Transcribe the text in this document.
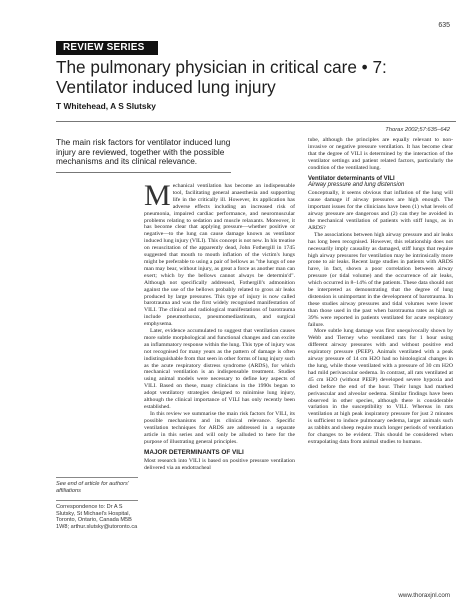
635
REVIEW SERIES
The pulmonary physician in critical care • 7: Ventilator induced lung injury
T Whitehead, A S Slutsky
Thorax 2002;57:635–642
The main risk factors for ventilator induced lung injury are reviewed, together with the possible mechanisms and its clinical relevance.

Mechanical ventilation has become an indispensable tool, facilitating general anaesthesia and supporting life in the critically ill. However, its application has adverse effects including an increased risk of pneumonia, impaired cardiac performance, and neuromuscular problems relating to sedation and muscle relaxants. Moreover, it has become clear that applying pressure—whether positive or negative—to the lung can cause damage known as ventilator induced lung injury (VILI). This concept is not new. In his treatise on resuscitation of the apparently dead, John Fothergill in 1745 suggested that mouth to mouth inflation of the victim's lungs might be preferable to using a pair of bellows as "the lungs of one man may bear, without injury, as great a force as another man can exert; which by the bellows cannot always be determin'd". Although not specifically addressed, Fothergill's admonition against the use of the bellows probably related to gross air leaks produced by large pressures. This type of injury is now called barotrauma and was the first widely recognised manifestation of VILI. The clinical and radiological manifestations of barotrauma include pneumothorax, pneumomediastinum, and surgical emphysema.

Later, evidence accumulated to suggest that ventilation causes more subtle morphological and functional changes and can excite an inflammatory response within the lung. This type of injury was not recognised for many years as the pattern of damage is often indistinguishable from that seen in other forms of lung injury such as the acute respiratory distress syndrome (ARDS), for which mechanical ventilation is an indispensable treatment. Studies using animal models were necessary to define key aspects of VILI. Based on these, many clinicians in the 1990s began to adopt ventilatory strategies designed to minimise lung injury, although the clinical importance of VILI has only recently been established.

In this review we summarise the main risk factors for VILI, its possible mechanisms and its clinical relevance. Specific ventilation techniques for ARDS are addressed in a separate article in this series and will only be alluded to here for the purpose of illustrating general principles.

MAJOR DETERMINANTS OF VILI

Most research into VILI is based on positive pressure ventilation delivered via an endotracheal

tube, although the principles are equally relevant to non-invasive or negative pressure ventilation. It has become clear that the degree of VILI is determined by the interaction of the ventilator settings and patient related factors, particularly the condition of the ventilated lung.

Ventilator determinants of VILI
Airway pressure and lung distension

Conceptually, it seems obvious that inflation of the lung will cause damage if airway pressures are high enough. The important issues for the clinicians have been (1) what levels of airway pressure are dangerous and (2) can they be avoided in the mechanical ventilation of patients with stiff lungs, as in ARDS?

The associations between high airway pressure and air leaks has long been recognised. However, this relationship does not necessarily imply causality as damaged, stiff lungs that require high airway pressures for ventilation may be intrinsically more prone to air leaks. Recent large studies in patients with ARDS have, in fact, shown a poor correlation between airway pressure (or tidal volume) and the occurrence of air leaks, which occurred in 8–14% of the patients. These data should not be interpreted as demonstrating that the degree of lung distension is unimportant in the development of barotrauma. In these studies airway pressures and tidal volumes were lower than those used in the past when barotrauma rates as high as 39% were reported in patients ventilated for acute respiratory failure.

More subtle lung damage was first unequivocally shown by Webb and Tierney who ventilated rats for 1 hour using different airway pressures with and without positive end expiratory pressure (PEEP). Animals ventilated with a peak airway pressure of 14 cm H2O had no histological changes in the lung, while those ventilated with a pressure of 30 cm H2O had mild perivascular oedema. In contrast, all rats ventilated at 45 cm H2O (without PEEP) developed severe hypoxia and died before the end of the hour. Their lungs had marked perivascular and alveolar oedema. Similar findings have been observed in other species, although there is considerable variation in the susceptibility to VILI. Whereas in rats ventilation at high peak inspiratory pressure for just 2 minutes is sufficient to induce pulmonary oedema, larger animals such as rabbits and sheep require much longer periods of ventilation for changes to be evident. This should be considered when extrapolating data from animal studies to humans.

See end of article for authors' affiliations
Correspondence to: Dr A S Slutsky, St Michael's Hospital, Toronto, Ontario, Canada M5B 1W8; arthur.slutsky@utoronto.ca
www.thoraxjnl.com
